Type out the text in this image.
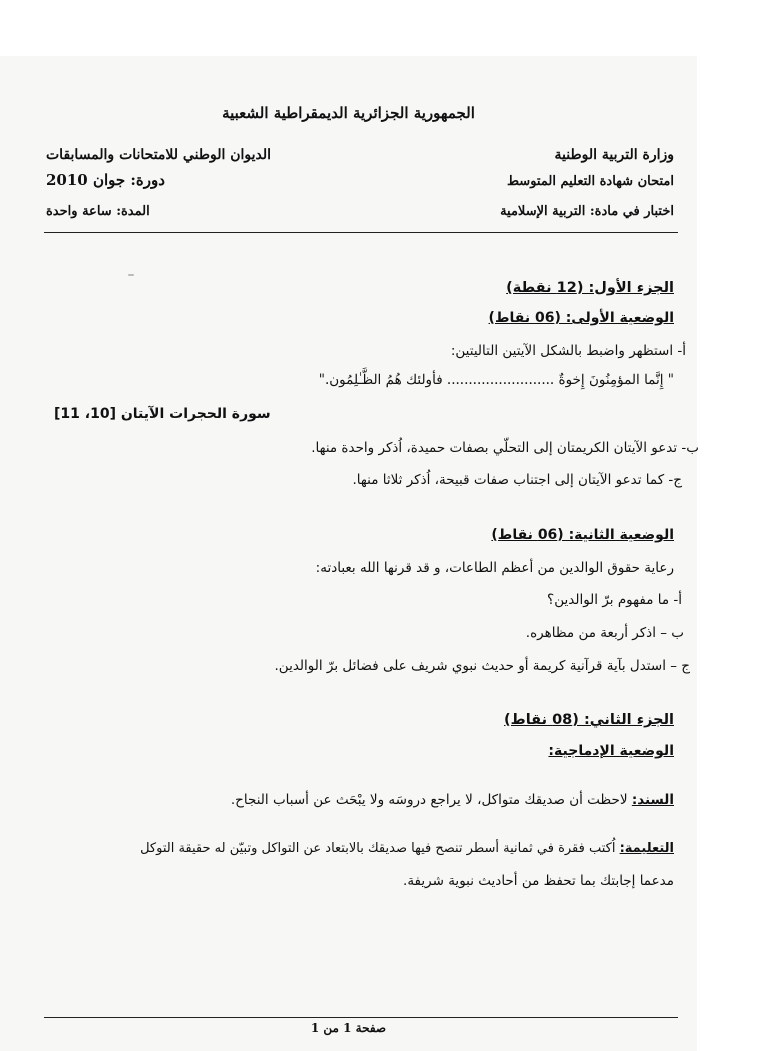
الجمهورية الجزائرية الديمقراطية الشعبية
وزارة التربية الوطنية
الديوان الوطني للامتحانات والمسابقات
امتحان شهادة التعليم المتوسط
دورة: جوان 2010
اختبار في مادة: التربية الإسلامية
المدة: ساعة واحدة
الجزء الأول: (12 نقطة)
الوضعية الأولى: (06 نقاط)
أ- استظهر واضبط بالشكل الآيتين التاليتين:
" إِنَّما المؤمِنُونَ إِخوةٌ ......................... فأولئك هُمُ الظَّـٰلِمُون."
سورة الحجرات الآيتان [10، 11]
ب- تدعو الآيتان الكريمتان إلى التحلّي بصفات حميدة، اُذكر واحدة منها.
ج- كما تدعو الآيتان إلى اجتناب صفات قبيحة، اُذكر ثلاثا منها.
الوضعية الثانية: (06 نقاط)
رعاية حقوق الوالدين من أعظم الطاعات، و قد قرنها الله بعبادته:
أ- ما مفهوم برّ الوالدين؟
ب – اذكر أربعة من مظاهره.
ج – استدل بآية قرآنية كريمة أو حديث نبوي شريف على فضائل برّ الوالدين.
الجزء الثاني: (08 نقاط)
الوضعية الإدماجية:
السند: لاحظت أن صديقك متواكل، لا يراجع دروسَه ولا يبْحَث عن أسباب النجاح.
التعليمة: اُكتب فقرة في ثمانية أسطر تنصح فيها صديقك بالابتعاد عن التواكل وتبيّن له حقيقة التوكل
مدعما إجابتك بما تحفظ من أحاديث نبوية شريفة.
صفحة 1 من 1
